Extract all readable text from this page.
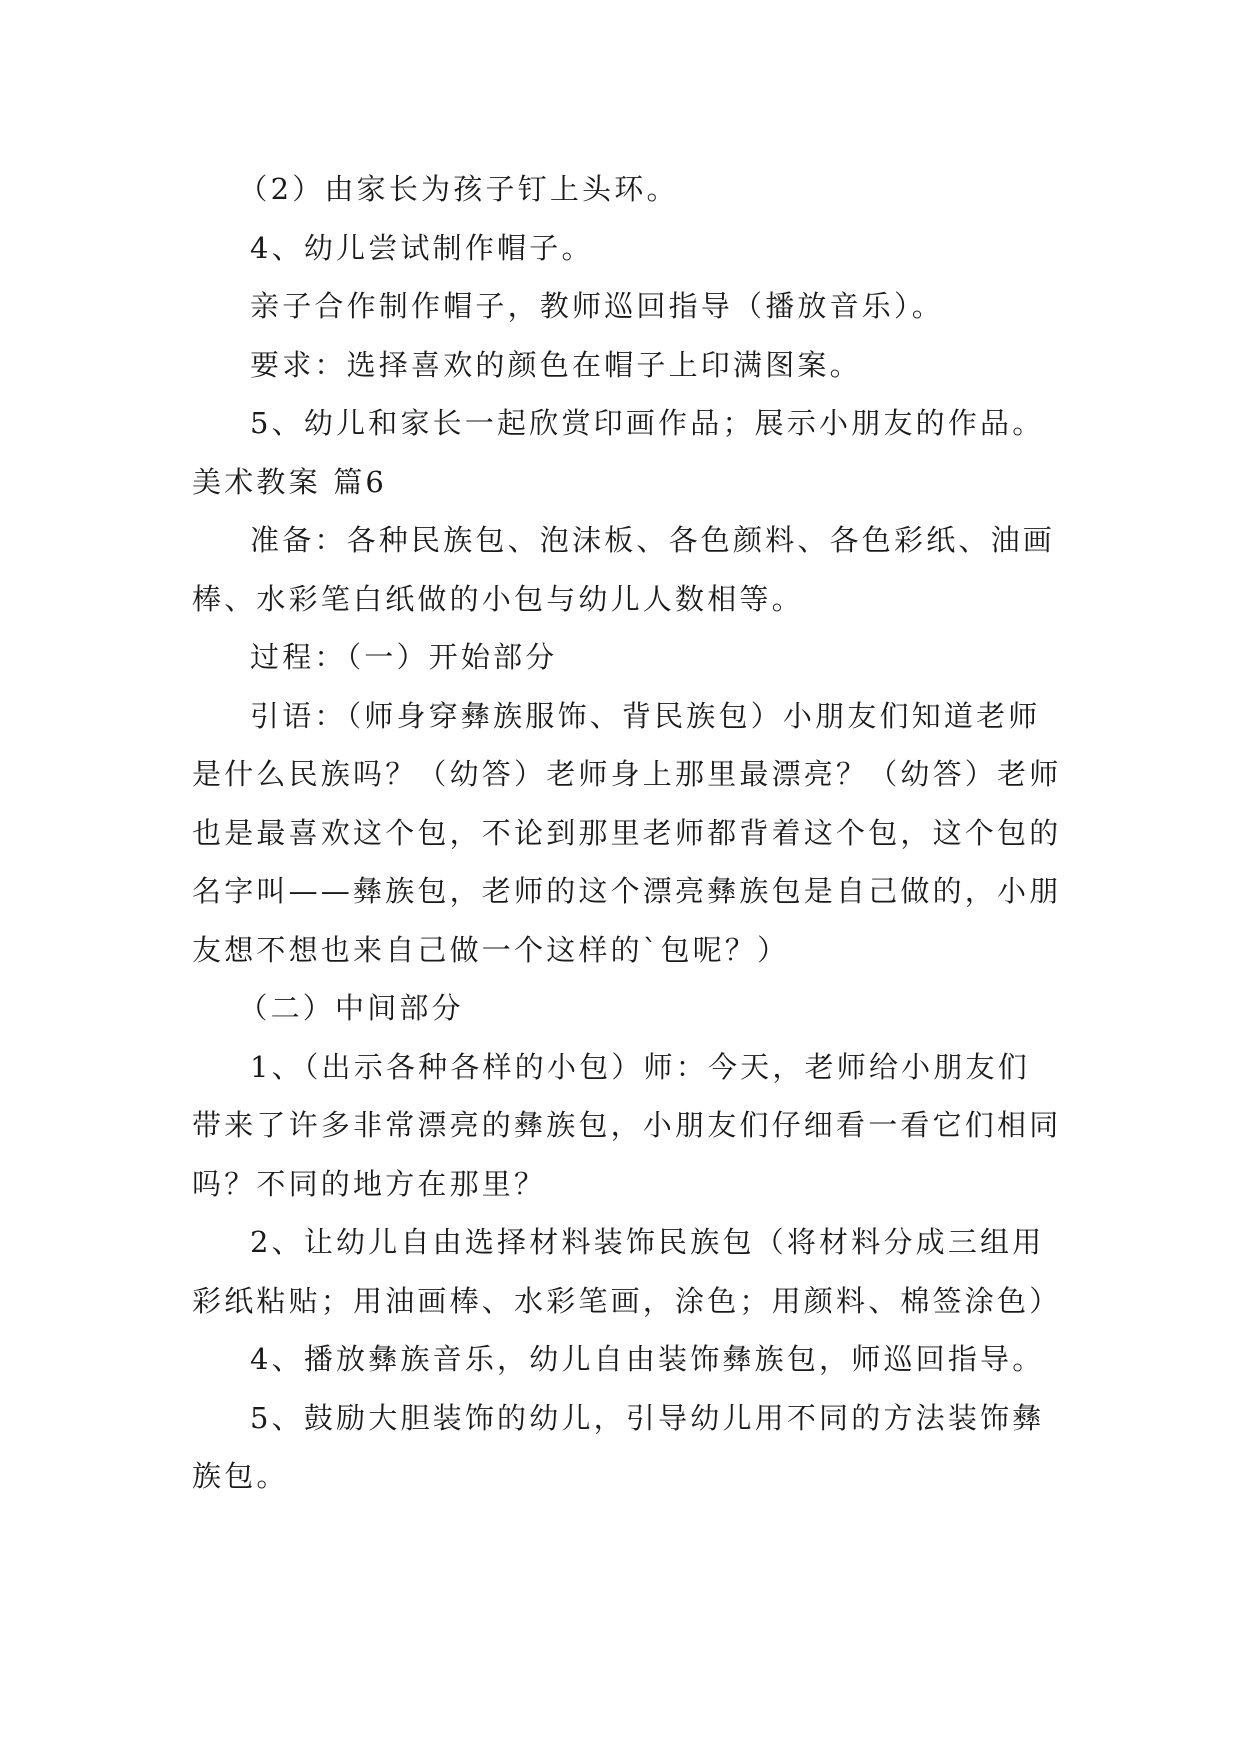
（2）由家长为孩子钉上头环。

4、幼儿尝试制作帽子。

亲子合作制作帽子，教师巡回指导（播放音乐）。

要求：选择喜欢的颜色在帽子上印满图案。

5、幼儿和家长一起欣赏印画作品；展示小朋友的作品。

美术教案 篇6

准备：各种民族包、泡沫板、各色颜料、各色彩纸、油画棒、水彩笔白纸做的小包与幼儿人数相等。

过程：（一）开始部分

引语：（师身穿彝族服饰、背民族包）小朋友们知道老师是什么民族吗？（幼答）老师身上那里最漂亮？（幼答）老师也是最喜欢这个包，不论到那里老师都背着这个包，这个包的名字叫——彝族包，老师的这个漂亮彝族包是自己做的，小朋友想不想也来自己做一个这样的`包呢？）

（二）中间部分

1、（出示各种各样的小包）师：今天，老师给小朋友们带来了许多非常漂亮的彝族包，小朋友们仔细看一看它们相同吗？不同的地方在那里？

2、让幼儿自由选择材料装饰民族包（将材料分成三组用彩纸粘贴；用油画棒、水彩笔画，涂色；用颜料、棉签涂色）

4、播放彝族音乐，幼儿自由装饰彝族包，师巡回指导。

5、鼓励大胆装饰的幼儿，引导幼儿用不同的方法装饰彝族包。
